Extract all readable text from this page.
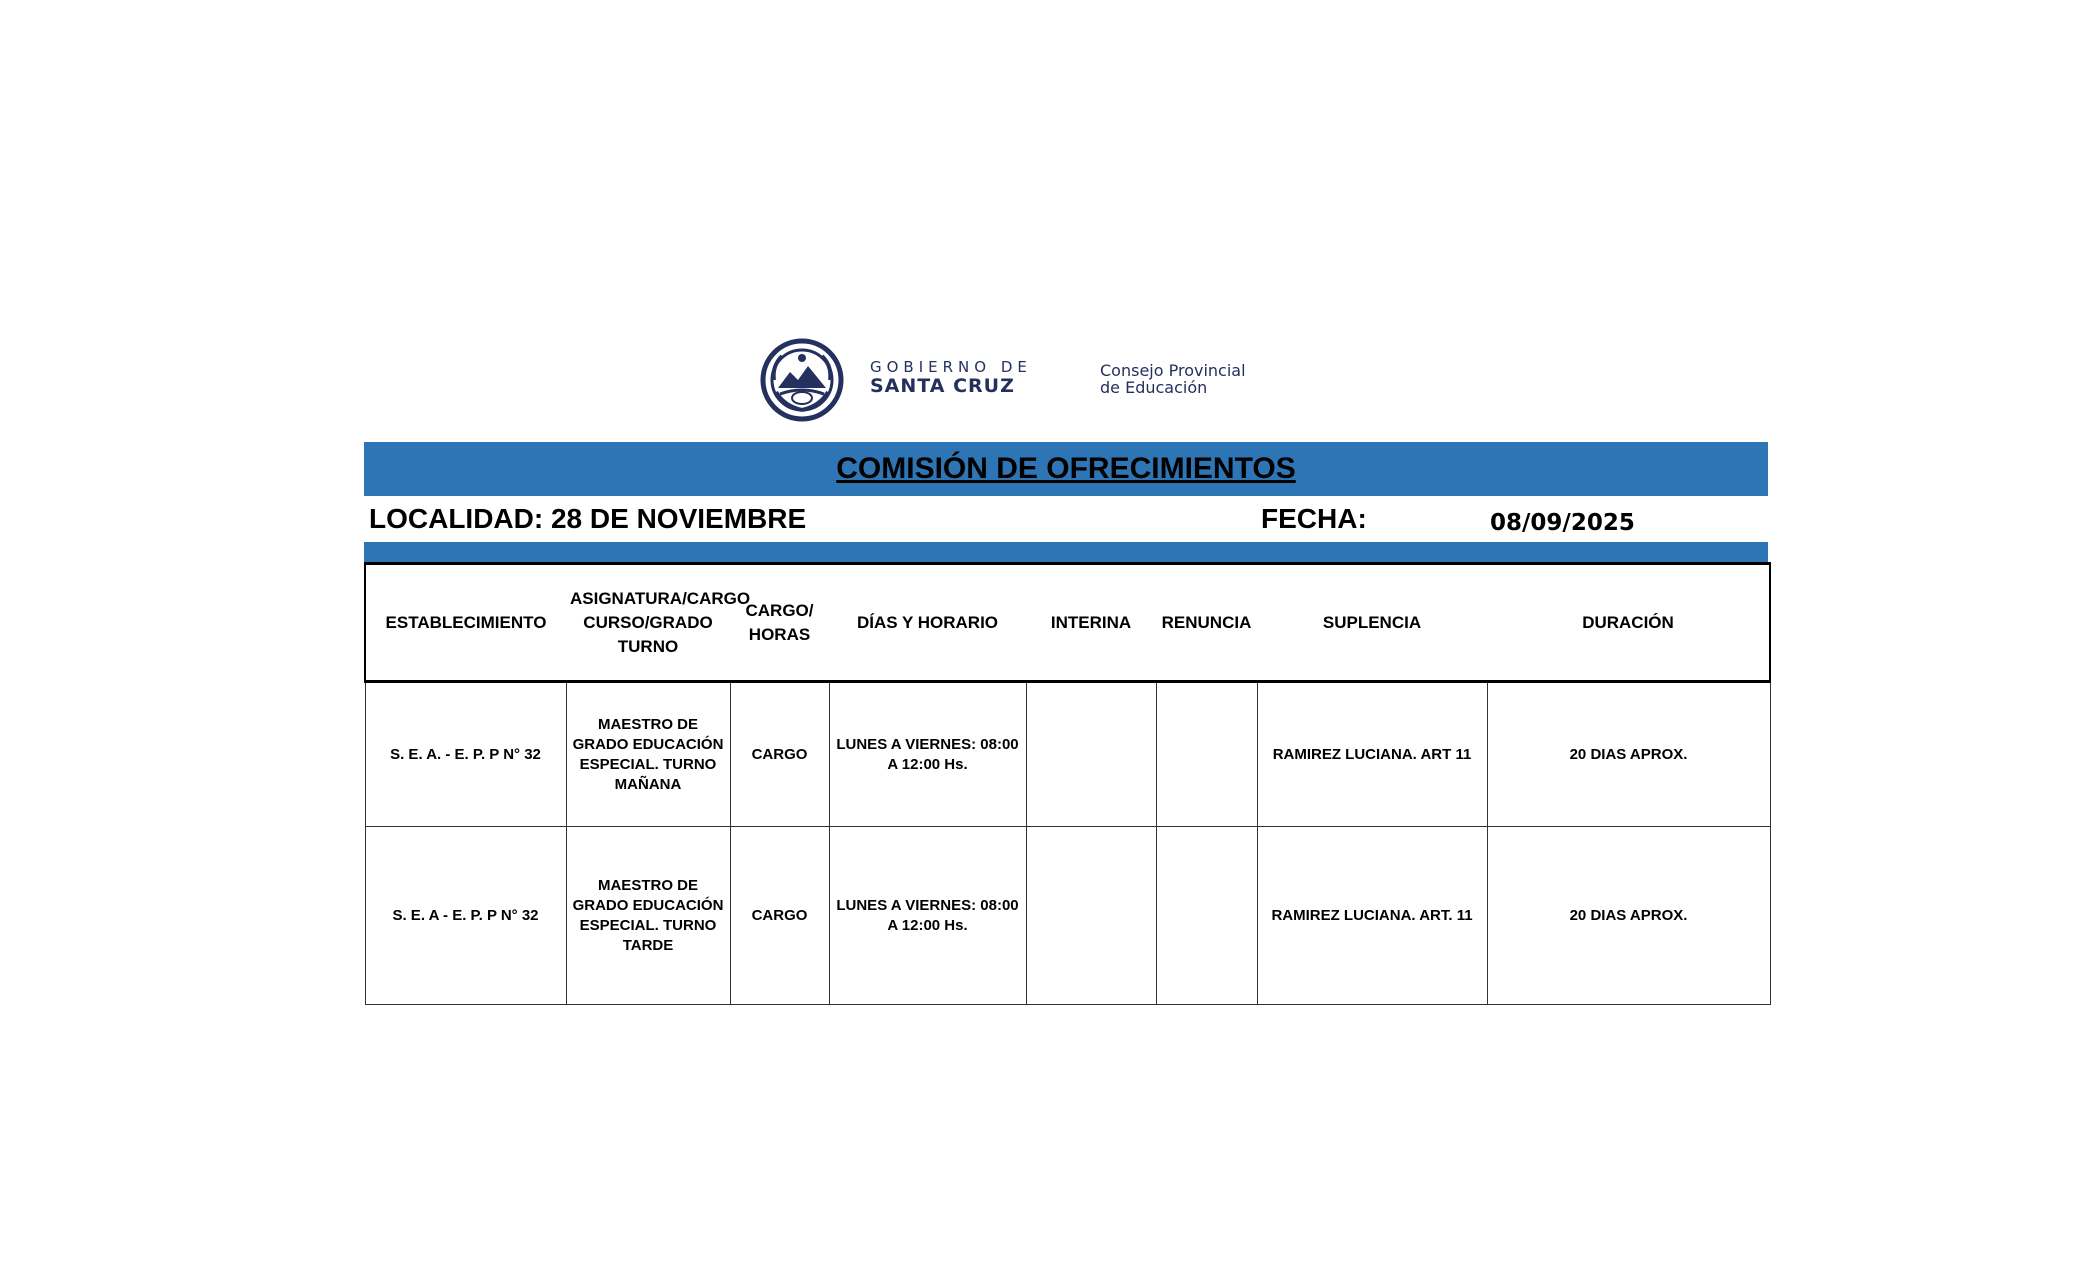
GOBIERNO DE
SANTA CRUZ
Consejo Provincial
de Educación
COMISIÓN DE OFRECIMIENTOS
LOCALIDAD: 28 DE NOVIEMBRE	FECHA:	08/09/2025
ESTABLECIMIENTO	ASIGNATURA/CARGO CURSO/GRADO TURNO	CARGO/ HORAS	DÍAS Y HORARIO	INTERINA	RENUNCIA	SUPLENCIA	DURACIÓN
S. E. A. - E. P. P N° 32	MAESTRO DE GRADO EDUCACIÓN ESPECIAL. TURNO MAÑANA	CARGO	LUNES A VIERNES: 08:00 A 12:00 Hs.			RAMIREZ LUCIANA. ART 11	20 DIAS APROX.
S. E. A - E. P. P N° 32	MAESTRO DE GRADO EDUCACIÓN ESPECIAL. TURNO TARDE	CARGO	LUNES A VIERNES: 08:00 A 12:00 Hs.			RAMIREZ LUCIANA. ART. 11	20 DIAS APROX.
